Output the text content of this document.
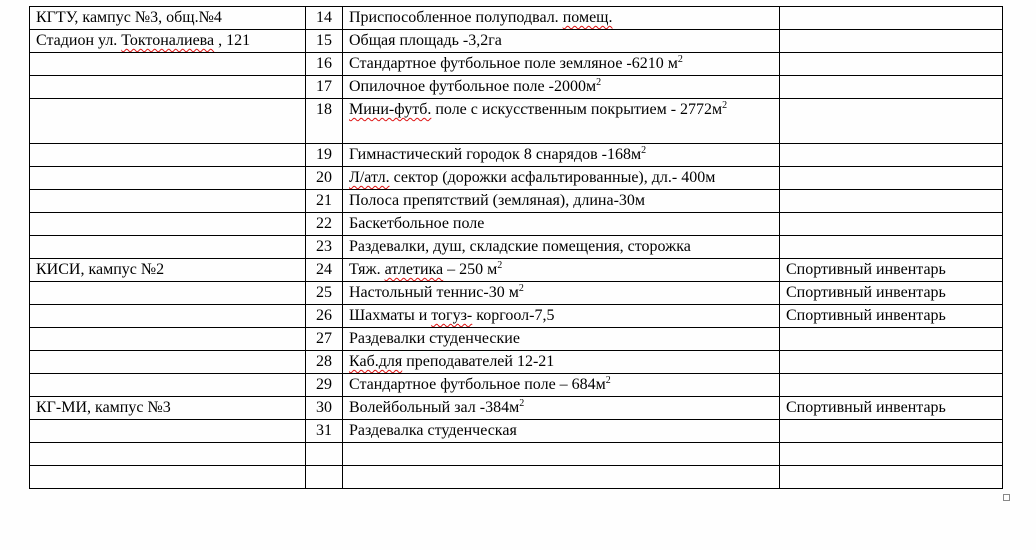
КГТУ, кампус №3, общ.№4	14	Приспособленное полуподвал. помещ.	
Стадион ул. Токтоналиева , 121	15	Общая площадь -3,2га	
	16	Стандартное футбольное поле земляное -6210 $м^2$	
	17	Опилочное футбольное поле $-2000м^2$	
	18	Мини-футб. поле с искусственным покрытием - $2772м^2$	
	19	Гимнастический городок 8 снарядов $-168м^2$	
	20	Л/атл. сектор (дорожки асфальтированные), дл.- 400м	
	21	Полоса препятствий (земляная), длина-30м	
	22	Баскетбольное поле	
	23	Раздевалки, душ, складские помещения, сторожка	
КИСИ, кампус №2	24	Тяж. атлетика – 250 $м^2$	Спортивный инвентарь
	25	Настольный теннис-30 $м^2$	Спортивный инвентарь
	26	Шахматы и тогуз- коргоол-7,5	Спортивный инвентарь
	27	Раздевалки студенческие	
	28	Каб.для преподавателей 12-21	
	29	Стандартное футбольное поле – $684м^2$	
КГ-МИ, кампус №3	30	Волейбольный зал $-384м^2$	Спортивный инвентарь
	31	Раздевалка студенческая	
